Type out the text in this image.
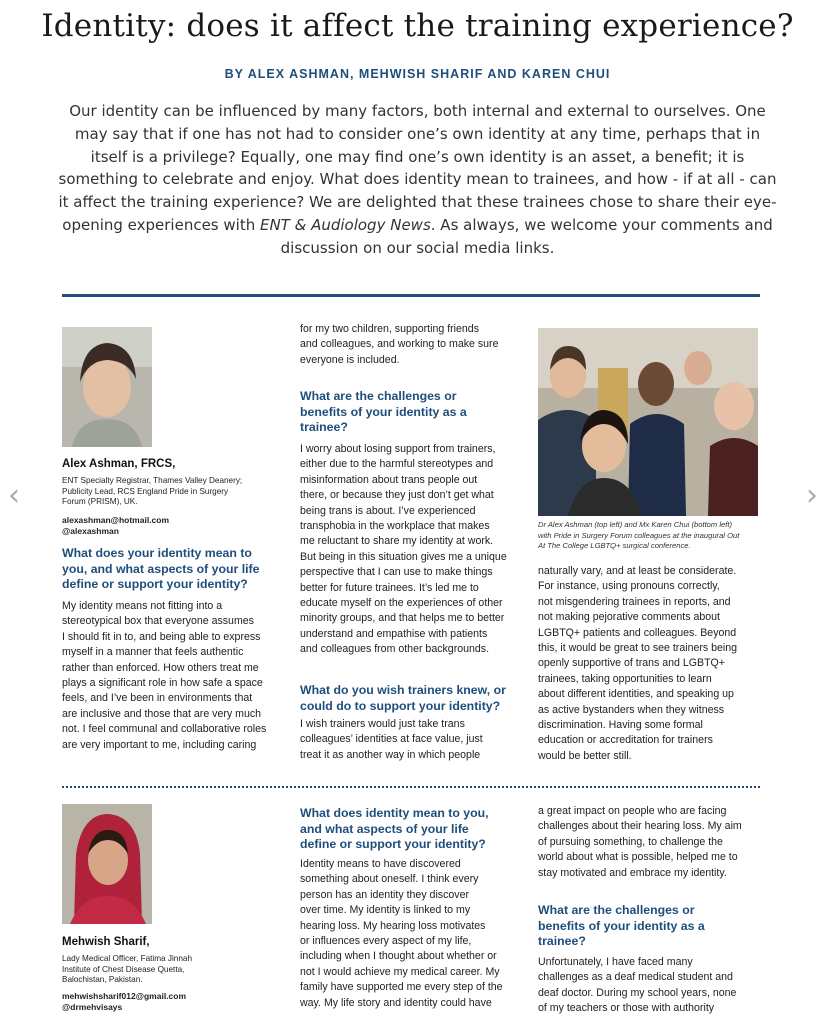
Identity: does it affect the training experience?
BY ALEX ASHMAN, MEHWISH SHARIF AND KAREN CHUI
Our identity can be influenced by many factors, both internal and external to ourselves. One may say that if one has not had to consider one’s own identity at any time, perhaps that in itself is a privilege? Equally, one may find one’s own identity is an asset, a benefit; it is something to celebrate and enjoy. What does identity mean to trainees, and how - if at all - can it affect the training experience? We are delighted that these trainees chose to share their eye-opening experiences with ENT & Audiology News. As always, we welcome your comments and discussion on our social media links.
‹	›
Alex Ashman, FRCS,
ENT Specialty Registrar, Thames Valley Deanery;
Publicity Lead, RCS England Pride in Surgery
Forum (PRISM), UK.
alexashman@hotmail.com
@alexashman
What does your identity mean to
you, and what aspects of your life
define or support your identity?
My identity means not fitting into a
stereotypical box that everyone assumes
I should fit in to, and being able to express
myself in a manner that feels authentic
rather than enforced. How others treat me
plays a significant role in how safe a space
feels, and I’ve been in environments that
are inclusive and those that are very much
not. I feel communal and collaborative roles
are very important to me, including caring
for my two children, supporting friends
and colleagues, and working to make sure
everyone is included.
What are the challenges or
benefits of your identity as a
trainee?
I worry about losing support from trainers,
either due to the harmful stereotypes and
misinformation about trans people out
there, or because they just don’t get what
being trans is about. I’ve experienced
transphobia in the workplace that makes
me reluctant to share my identity at work.
But being in this situation gives me a unique
perspective that I can use to make things
better for future trainees. It’s led me to
educate myself on the experiences of other
minority groups, and that helps me to better
understand and empathise with patients
and colleagues from other backgrounds.
What do you wish trainers knew, or
could do to support your identity?
I wish trainers would just take trans
colleagues’ identities at face value, just
treat it as another way in which people
Dr Alex Ashman (top left) and Mx Karen Chui (bottom left)
with Pride in Surgery Forum colleagues at the inaugural Out
At The College LGBTQ+ surgical conference.
naturally vary, and at least be considerate.
For instance, using pronouns correctly,
not misgendering trainees in reports, and
not making pejorative comments about
LGBTQ+ patients and colleagues. Beyond
this, it would be great to see trainers being
openly supportive of trans and LGBTQ+
trainees, taking opportunities to learn
about different identities, and speaking up
as active bystanders when they witness
discrimination. Having some formal
education or accreditation for trainers
would be better still.
Mehwish Sharif,
Lady Medical Officer, Fatima Jinnah
Institute of Chest Disease Quetta,
Balochistan, Pakistan.
mehwishsharif012@gmail.com
@drmehvisays
What does identity mean to you,
and what aspects of your life
define or support your identity?
Identity means to have discovered
something about oneself. I think every
person has an identity they discover
over time. My identity is linked to my
hearing loss. My hearing loss motivates
or influences every aspect of my life,
including when I thought about whether or
not I would achieve my medical career. My
family have supported me every step of the
way. My life story and identity could have
a great impact on people who are facing
challenges about their hearing loss. My aim
of pursuing something, to challenge the
world about what is possible, helped me to
stay motivated and embrace my identity.
What are the challenges or
benefits of your identity as a
trainee?
Unfortunately, I have faced many
challenges as a deaf medical student and
deaf doctor. During my school years, none
of my teachers or those with authority
